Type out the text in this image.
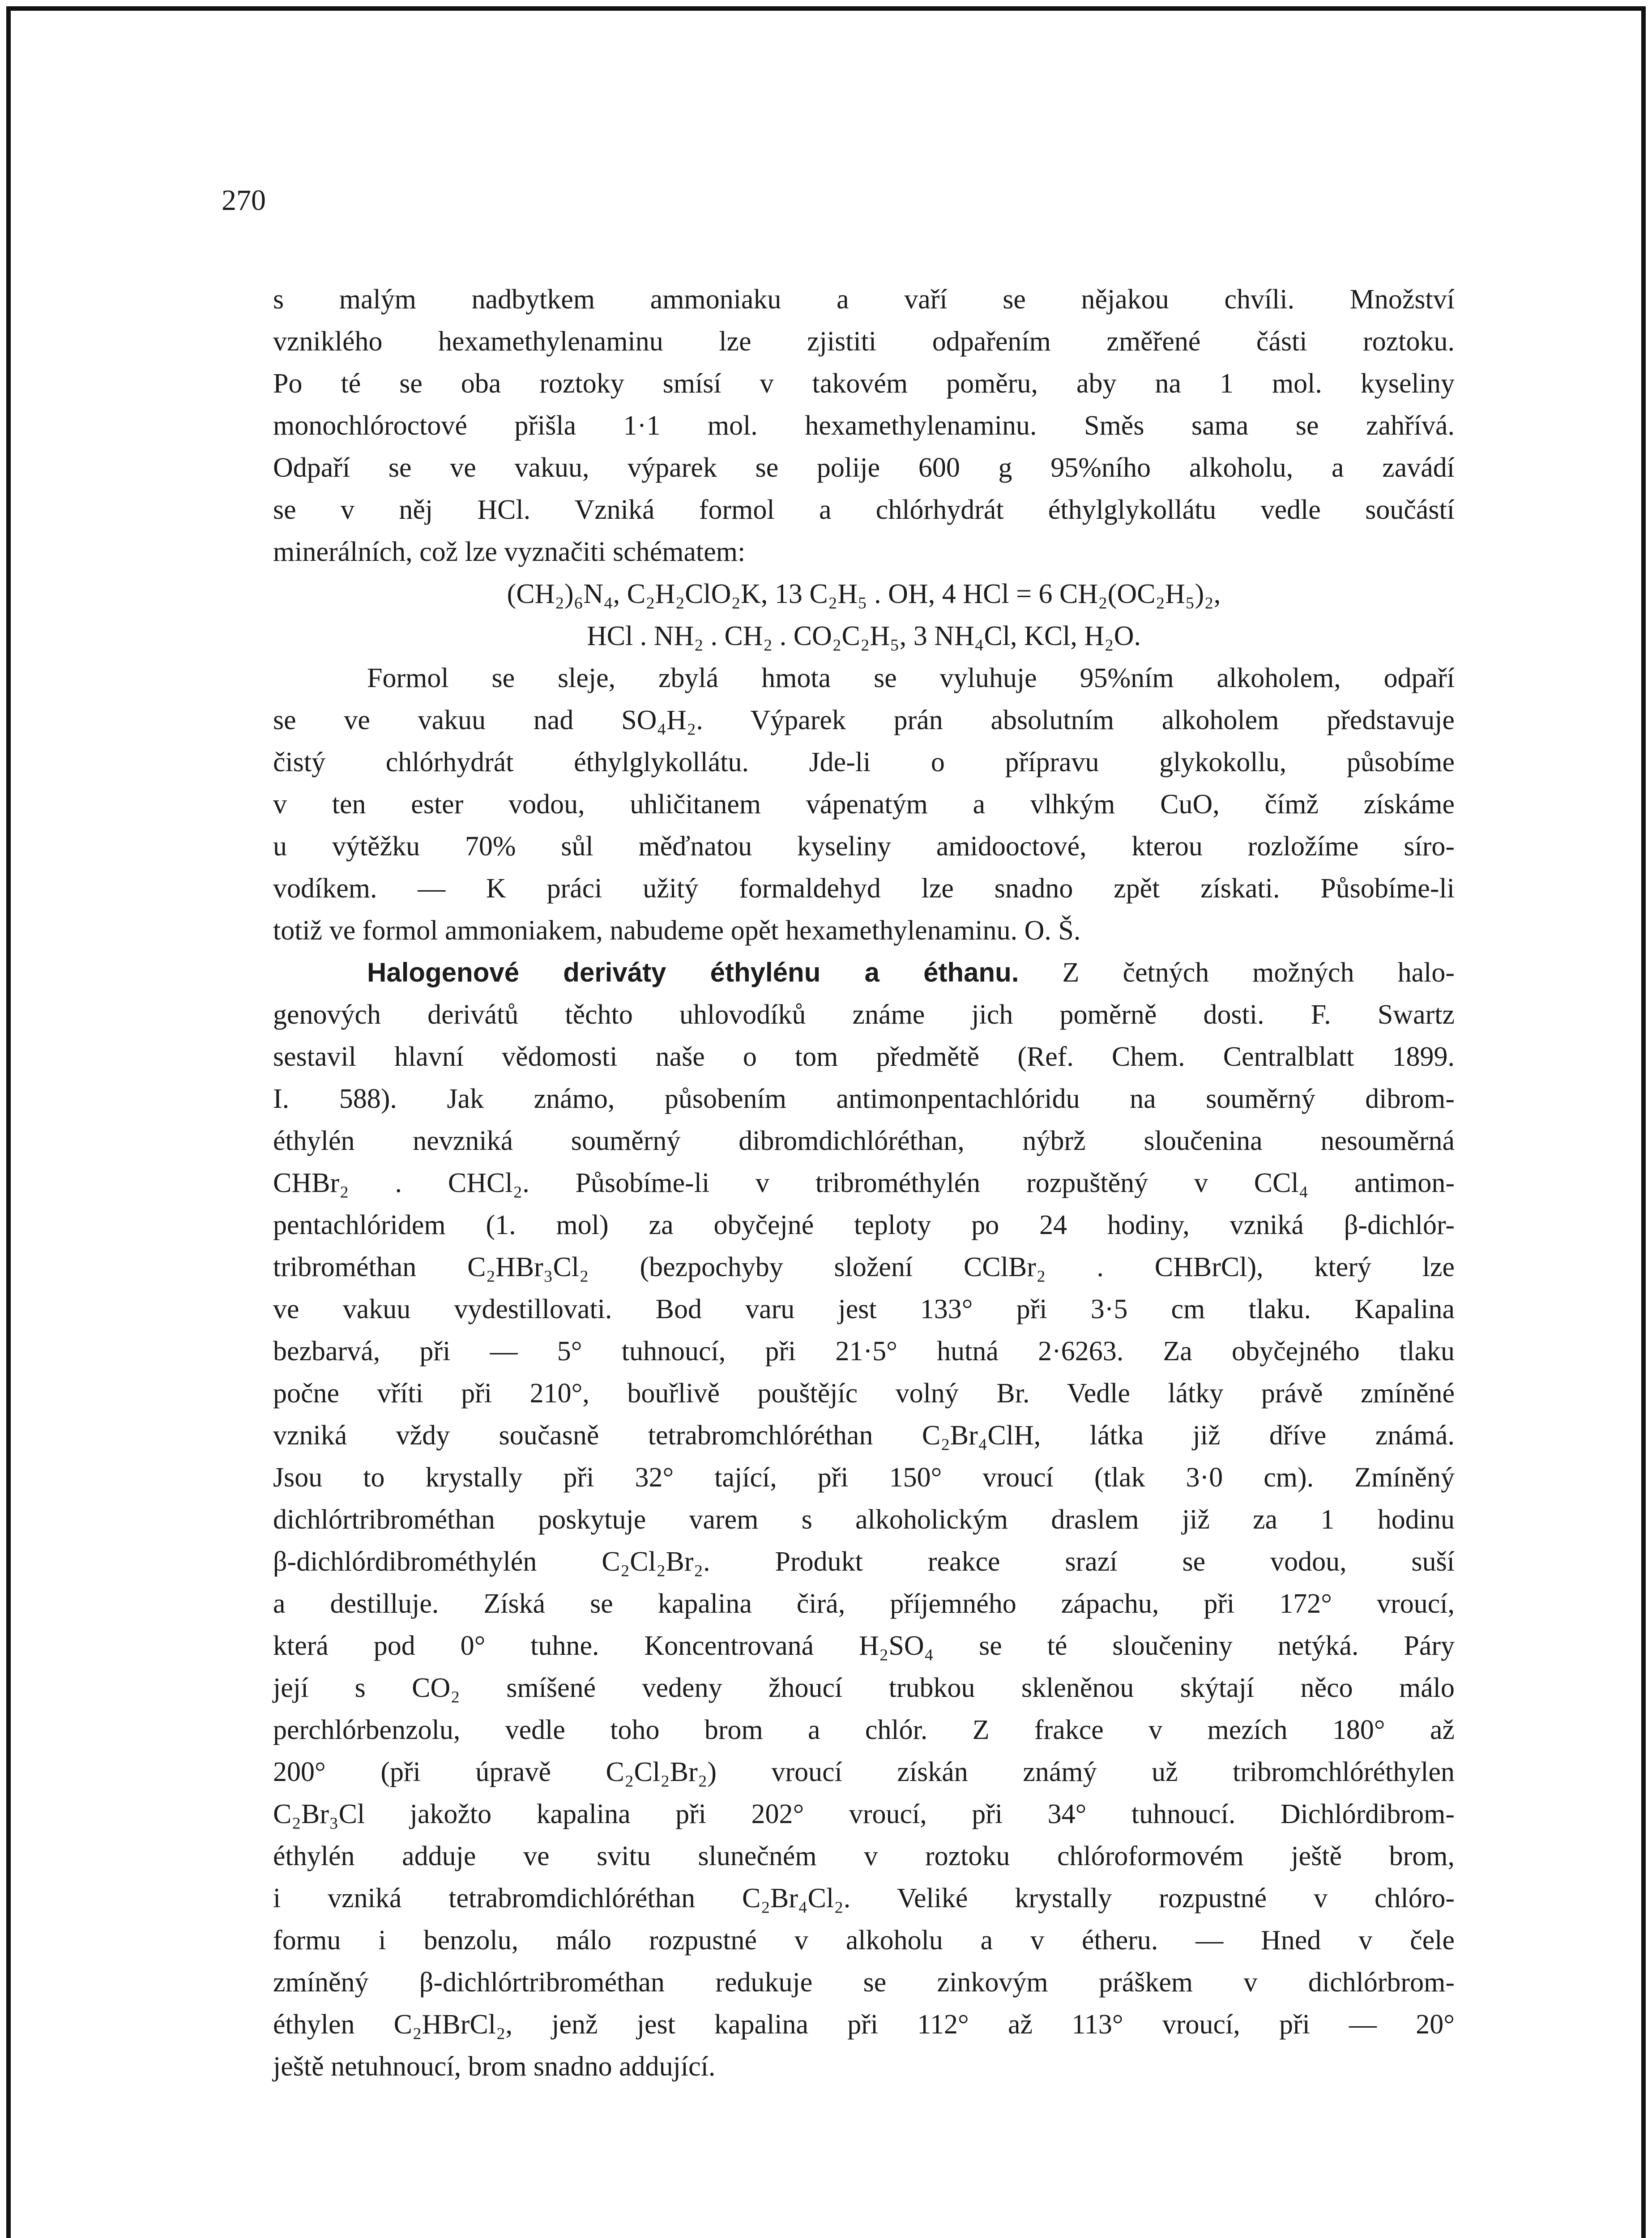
270
s malým nadbytkem ammoniaku a vaří se nějakou chvíli. Množství
vzniklého hexamethylenaminu lze zjistiti odpařením změřené části roztoku.
Po té se oba roztoky smísí v takovém poměru, aby na 1 mol. kyseliny
monochlóroctové přišla 1·1 mol. hexamethylenaminu. Směs sama se zahřívá.
Odpaří se ve vakuu, výparek se polije 600 g 95%ního alkoholu, a zavádí
se v něj HCl. Vzniká formol a chlórhydrát éthylglykollátu vedle součástí
minerálních, což lze vyznačiti schématem:
(CH₂)₆N₄, C₂H₂ClO₂K, 13 C₂H₅ . OH, 4 HCl = 6 CH₂(OC₂H₅)₂,
HCl . NH₂ . CH₂ . CO₂C₂H₅, 3 NH₄Cl, KCl, H₂O.
Formol se sleje, zbylá hmota se vyluhuje 95%ním alkoholem, odpaří
se ve vakuu nad SO₄H₂. Výparek prán absolutním alkoholem představuje
čistý chlórhydrát éthylglykollátu. Jde-li o přípravu glykokollu, působíme
v ten ester vodou, uhličitanem vápenatým a vlhkým CuO, čímž získáme
u výtěžku 70% sůl měďnatou kyseliny amidooctové, kterou rozložíme síro-
vodíkem. — K práci užitý formaldehyd lze snadno zpět získati. Působíme-li
totiž ve formol ammoniakem, nabudeme opět hexamethylenaminu. O. Š.
Halogenové deriváty éthylénu a éthanu. Z četných možných halo-
genových derivátů těchto uhlovodíků známe jich poměrně dosti. F. Swartz
sestavil hlavní vědomosti naše o tom předmětě (Ref. Chem. Centralblatt 1899.
I. 588). Jak známo, působením antimonpentachlóridu na souměrný dibrom-
éthylén nevzniká souměrný dibromdichlóréthan, nýbrž sloučenina nesouměrná
CHBr₂ . CHCl₂. Působíme-li v tribrométhylén rozpuštěný v CCl₄ antimon-
pentachlóridem (1. mol) za obyčejné teploty po 24 hodiny, vzniká β-dichlór-
tribrométhan C₂HBr₃Cl₂ (bezpochyby složení CClBr₂ . CHBrCl), který lze
ve vakuu vydestillovati. Bod varu jest 133° při 3·5 cm tlaku. Kapalina
bezbarvá, při — 5° tuhnoucí, při 21·5° hutná 2·6263. Za obyčejného tlaku
počne vříti při 210°, bouřlivě pouštějíc volný Br. Vedle látky právě zmíněné
vzniká vždy současně tetrabromchlóréthan C₂Br₄ClH, látka již dříve známá.
Jsou to krystally při 32° tající, při 150° vroucí (tlak 3·0 cm). Zmíněný
dichlórtribrométhan poskytuje varem s alkoholickým draslem již za 1 hodinu
β-dichlórdibrométhylén C₂Cl₂Br₂. Produkt reakce srazí se vodou, suší
a destilluje. Získá se kapalina čirá, příjemného zápachu, při 172° vroucí,
která pod 0° tuhne. Koncentrovaná H₂SO₄ se té sloučeniny netýká. Páry
její s CO₂ smíšené vedeny žhoucí trubkou skleněnou skýtají něco málo
perchlórbenzolu, vedle toho brom a chlór. Z frakce v mezích 180° až
200° (při úpravě C₂Cl₂Br₂) vroucí získán známý už tribromchlóréthylen
C₂Br₃Cl jakožto kapalina při 202° vroucí, při 34° tuhnoucí. Dichlórdibrom-
éthylén adduje ve svitu slunečném v roztoku chlóroformovém ještě brom,
i vzniká tetrabromdichlóréthan C₂Br₄Cl₂. Veliké krystally rozpustné v chlóro-
formu i benzolu, málo rozpustné v alkoholu a v étheru. — Hned v čele
zmíněný β-dichlórtribrométhan redukuje se zinkovým práškem v dichlórbrom-
éthylen C₂HBrCl₂, jenž jest kapalina při 112° až 113° vroucí, při — 20°
ještě netuhnoucí, brom snadno addující.
